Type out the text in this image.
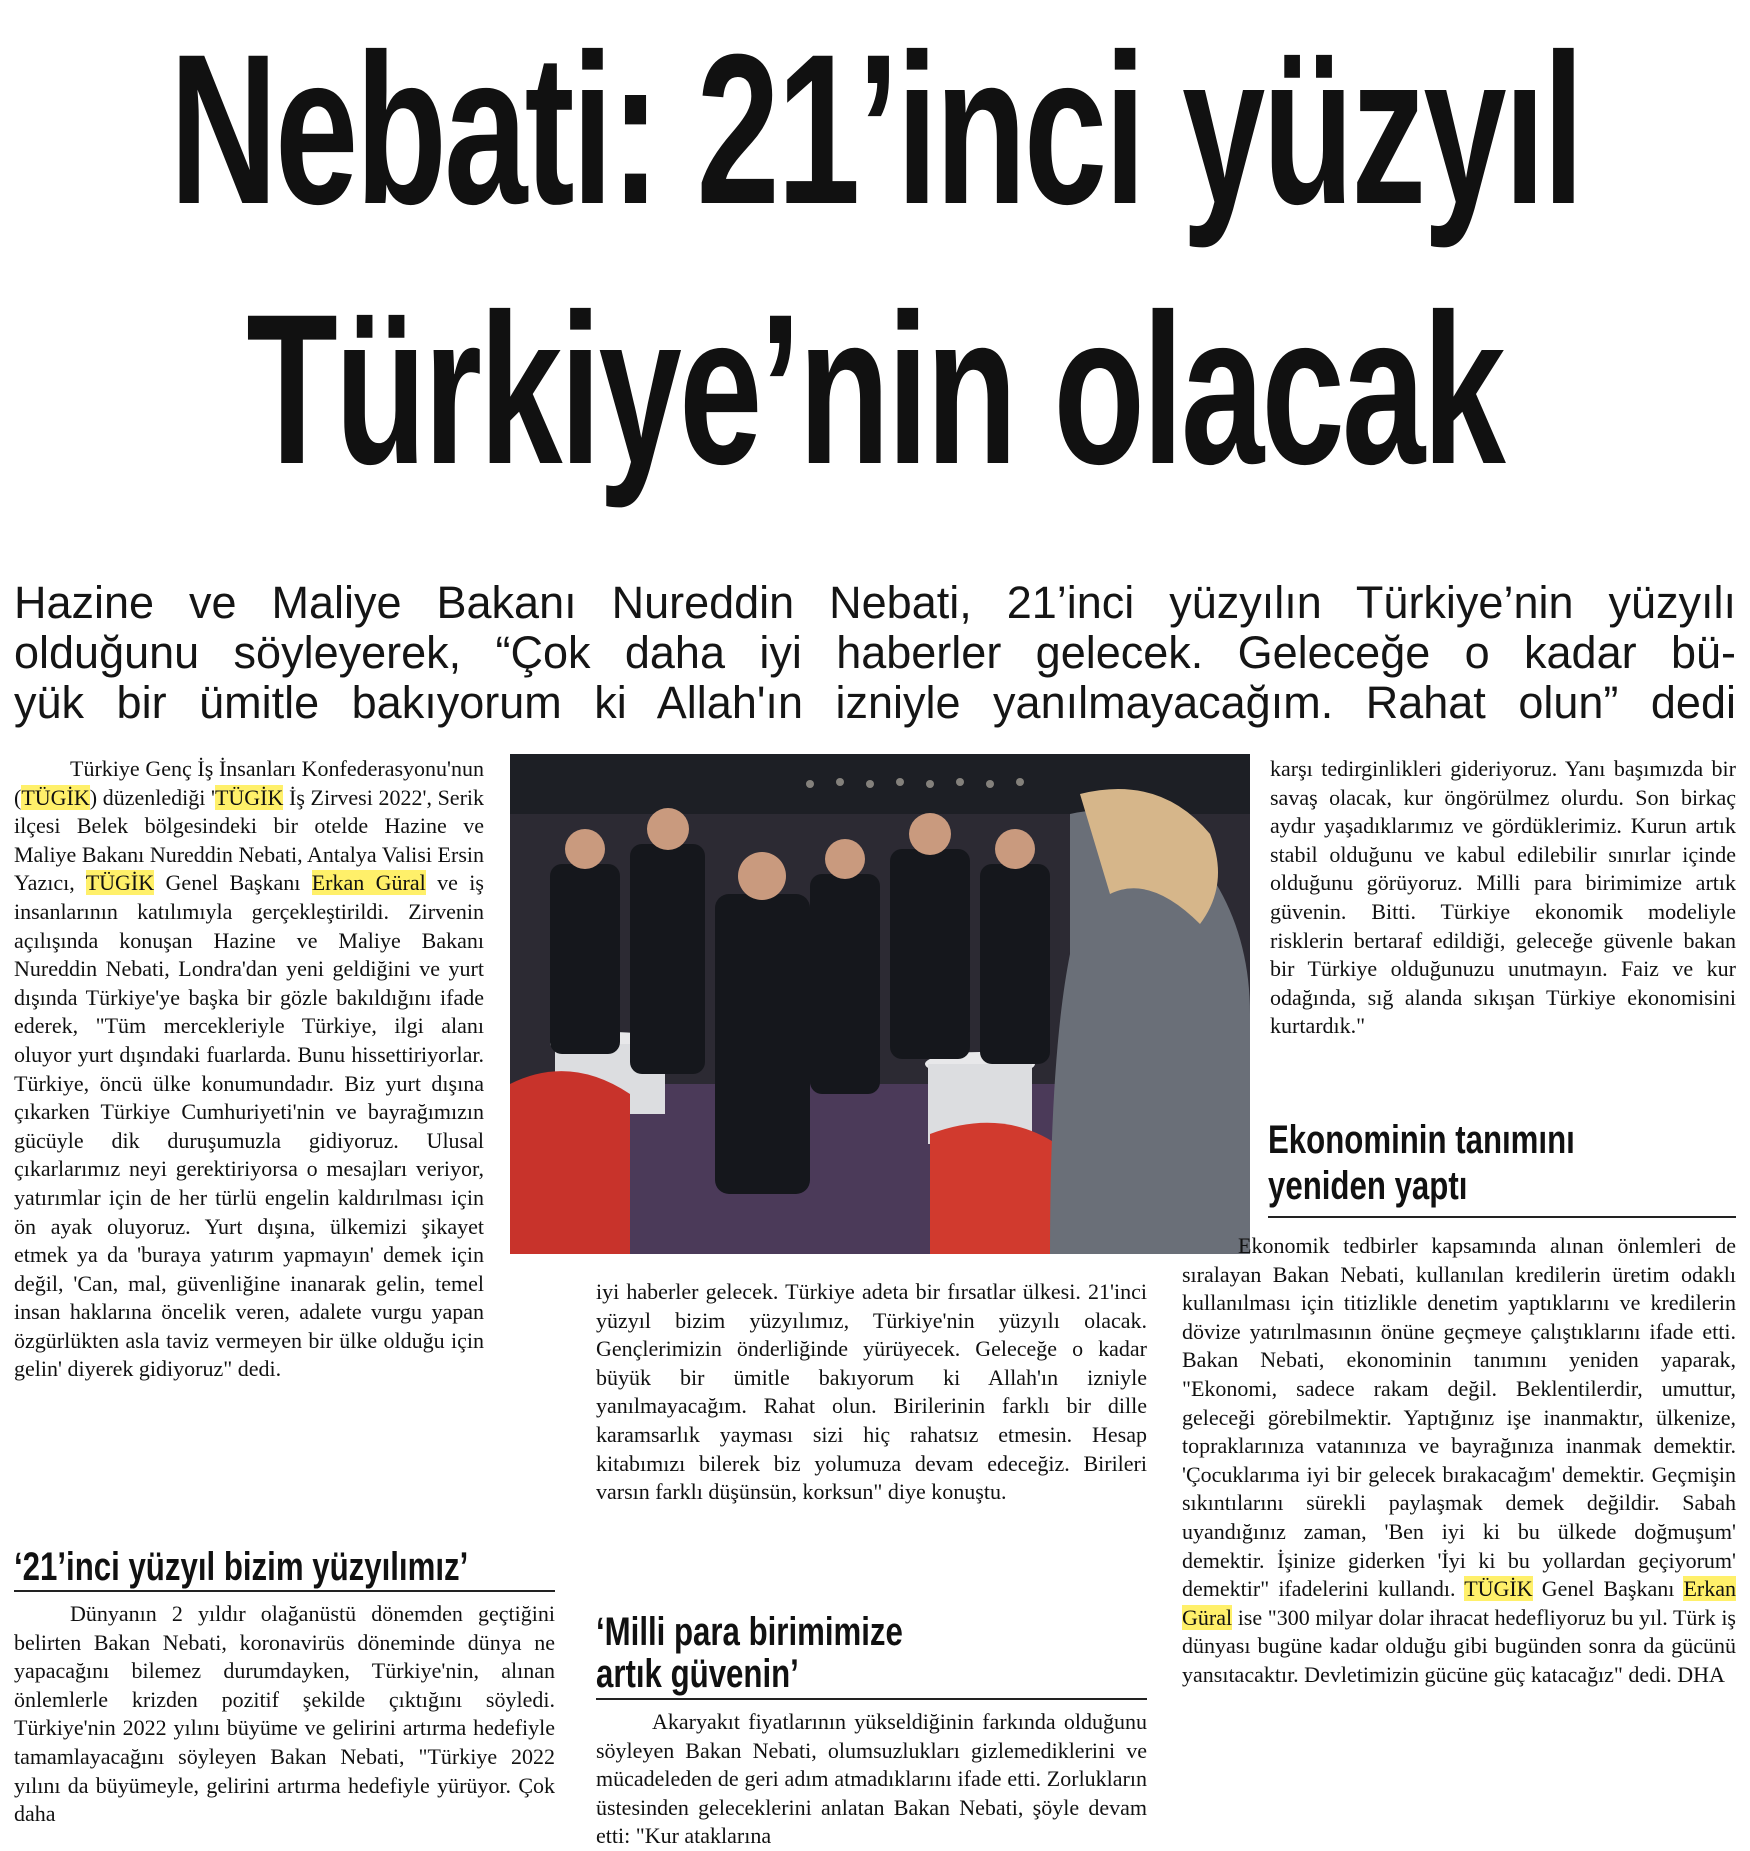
Nebati: 21’inci yüzyıl
Türkiye’nin olacak
Hazine ve Maliye Bakanı Nureddin Nebati, 21’inci yüzyılın Türkiye’nin yüzyılı
olduğunu söyleyerek, “Çok daha iyi haberler gelecek. Geleceğe o kadar bü-
yük bir ümitle bakıyorum ki Allah'ın izniyle yanılmayacağım. Rahat olun” dedi

Türkiye Genç İş İnsanları Konfederasyonu'nun (TÜGİK) düzenlediği 'TÜGİK İş Zirvesi 2022', Serik ilçesi Belek bölgesindeki bir otelde Hazine ve Maliye Bakanı Nureddin Nebati, Antalya Valisi Ersin Yazıcı, TÜGİK Genel Başkanı Erkan Güral ve iş insanlarının katılımıyla gerçekleştirildi. Zirvenin açılışında konuşan Hazine ve Maliye Bakanı Nureddin Nebati, Londra'dan yeni geldiğini ve yurt dışında Türkiye'ye başka bir gözle bakıldığını ifade ederek, "Tüm mercekleriyle Türkiye, ilgi alanı oluyor yurt dışındaki fuarlarda. Bunu hissettiriyorlar. Türkiye, öncü ülke konumundadır. Biz yurt dışına çıkarken Türkiye Cumhuriyeti'nin ve bayrağımızın gücüyle dik duruşumuzla gidiyoruz. Ulusal çıkarlarımız neyi gerektiriyorsa o mesajları veriyor, yatırımlar için de her türlü engelin kaldırılması için ön ayak oluyoruz. Yurt dışına, ülkemizi şikayet etmek ya da 'buraya yatırım yapmayın' demek için değil, 'Can, mal, güvenliğine inanarak gelin, temel insan haklarına öncelik veren, adalete vurgu yapan özgürlükten asla taviz vermeyen bir ülke olduğu için gelin' diyerek gidiyoruz" dedi.

‘21’inci yüzyıl bizim yüzyılımız’

Dünyanın 2 yıldır olağanüstü dönemden geçtiğini belirten Bakan Nebati, koronavirüs döneminde dünya ne yapacağını bilemez durumdayken, Türkiye'nin, alınan önlemlerle krizden pozitif şekilde çıktığını söyledi. Türkiye'nin 2022 yılını büyüme ve gelirini artırma hedefiyle tamamlayacağını söyleyen Bakan Nebati, "Türkiye 2022 yılını da büyümeyle, gelirini artırma hedefiyle yürüyor. Çok daha

iyi haberler gelecek. Türkiye adeta bir fırsatlar ülkesi. 21'inci yüzyıl bizim yüzyılımız, Türkiye'nin yüzyılı olacak. Gençlerimizin önderliğinde yürüyecek. Geleceğe o kadar büyük bir ümitle bakıyorum ki Allah'ın izniyle yanılmayacağım. Rahat olun. Birilerinin farklı bir dille karamsarlık yayması sizi hiç rahatsız etmesin. Hesap kitabımızı bilerek biz yolumuza devam edeceğiz. Birileri varsın farklı düşünsün, korksun" diye konuştu.

‘Milli para birimimize
artık güvenin’

Akaryakıt fiyatlarının yükseldiğinin farkında olduğunu söyleyen Bakan Nebati, olumsuzlukları gizlemediklerini ve mücadeleden de geri adım atmadıklarını ifade etti. Zorlukların üstesinden geleceklerini anlatan Bakan Nebati, şöyle devam etti: "Kur ataklarına

karşı tedirginlikleri gideriyoruz. Yanı başımızda bir savaş olacak, kur öngörülmez olurdu. Son birkaç aydır yaşadıklarımız ve gördüklerimiz. Kurun artık stabil olduğunu ve kabul edilebilir sınırlar içinde olduğunu görüyoruz. Milli para birimimize artık güvenin. Bitti. Türkiye ekonomik modeliyle risklerin bertaraf edildiği, geleceğe güvenle bakan bir Türkiye olduğunuzu unutmayın. Faiz ve kur odağında, sığ alanda sıkışan Türkiye ekonomisini kurtardık."

Ekonominin tanımını
yeniden yaptı

Ekonomik tedbirler kapsamında alınan önlemleri de sıralayan Bakan Nebati, kullanılan kredilerin üretim odaklı kullanılması için titizlikle denetim yaptıklarını ve kredilerin dövize yatırılmasının önüne geçmeye çalıştıklarını ifade etti. Bakan Nebati, ekonominin tanımını yeniden yaparak, "Ekonomi, sadece rakam değil. Beklentilerdir, umuttur, geleceği görebilmektir. Yaptığınız işe inanmaktır, ülkenize, topraklarınıza vatanınıza ve bayrağınıza inanmak demektir. 'Çocuklarıma iyi bir gelecek bırakacağım' demektir. Geçmişin sıkıntılarını sürekli paylaşmak demek değildir. Sabah uyandığınız zaman, 'Ben iyi ki bu ülkede doğmuşum' demektir. İşinize giderken 'İyi ki bu yollardan geçiyorum' demektir" ifadelerini kullandı. TÜGİK Genel Başkanı Erkan Güral ise "300 milyar dolar ihracat hedefliyoruz bu yıl. Türk iş dünyası bugüne kadar olduğu gibi bugünden sonra da gücünü yansıtacaktır. Devletimizin gücüne güç katacağız" dedi. DHA
